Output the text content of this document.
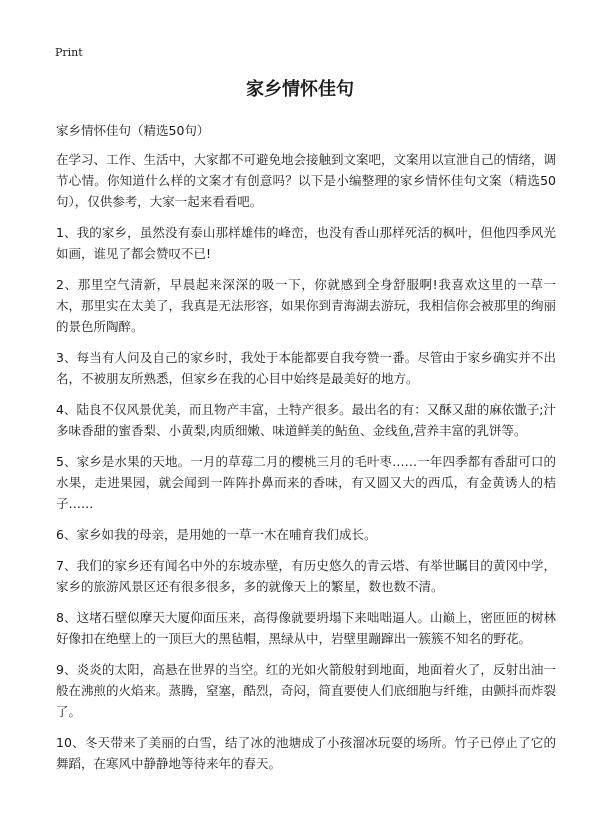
Print
家乡情怀佳句

家乡情怀佳句（精选50句）

在学习、工作、生活中，大家都不可避免地会接触到文案吧，文案用以宣泄自己的情绪，调节心情。你知道什么样的文案才有创意吗？以下是小编整理的家乡情怀佳句文案（精选50句），仅供参考，大家一起来看看吧。

1、我的家乡，虽然没有泰山那样雄伟的峰峦，也没有香山那样死活的枫叶，但他四季风光如画，谁见了都会赞叹不已!

2、那里空气清新，早晨起来深深的吸一下，你就感到全身舒服啊!我喜欢这里的一草一木，那里实在太美了，我真是无法形容，如果你到青海湖去游玩，我相信你会被那里的绚丽的景色所陶醉。

3、每当有人问及自己的家乡时，我处于本能都要自我夸赞一番。尽管由于家乡确实并不出名，不被朋友所熟悉，但家乡在我的心目中始终是最美好的地方。

4、陆良不仅风景优美，而且物产丰富，土特产很多。最出名的有：又酥又甜的麻依馓子;汁多味香甜的蜜香梨、小黄梨,肉质细嫩、味道鲜美的鲇鱼、金线鱼,营养丰富的乳饼等。

5、家乡是水果的天地。一月的草莓二月的樱桃三月的毛叶枣……一年四季都有香甜可口的水果，走进果园，就会闻到一阵阵扑鼻而来的香味，有又圆又大的西瓜，有金黄诱人的桔子……

6、家乡如我的母亲，是用她的一草一木在哺育我们成长。

7、我们的家乡还有闻名中外的东坡赤壁，有历史悠久的青云塔、有举世瞩目的黄冈中学，家乡的旅游风景区还有很多很多，多的就像天上的繁星，数也数不清。

8、这堵石壁似摩天大厦仰面压来，高得像就要坍塌下来咄咄逼人。山巅上，密匝匝的树林好像扣在绝壁上的一顶巨大的黑毡帽，黑绿从中，岩壁里蹦蹿出一簇簇不知名的野花。

9、炎炎的太阳，高悬在世界的当空。红的光如火箭般射到地面，地面着火了，反射出油一般在沸煎的火焰来。蒸腾，窒塞，酷烈，奇闷，简直要使人们底细胞与纤维，由颤抖而炸裂了。

10、冬天带来了美丽的白雪，结了冰的池塘成了小孩溜冰玩耍的场所。竹子已停止了它的舞蹈，在寒风中静静地等待来年的春天。
